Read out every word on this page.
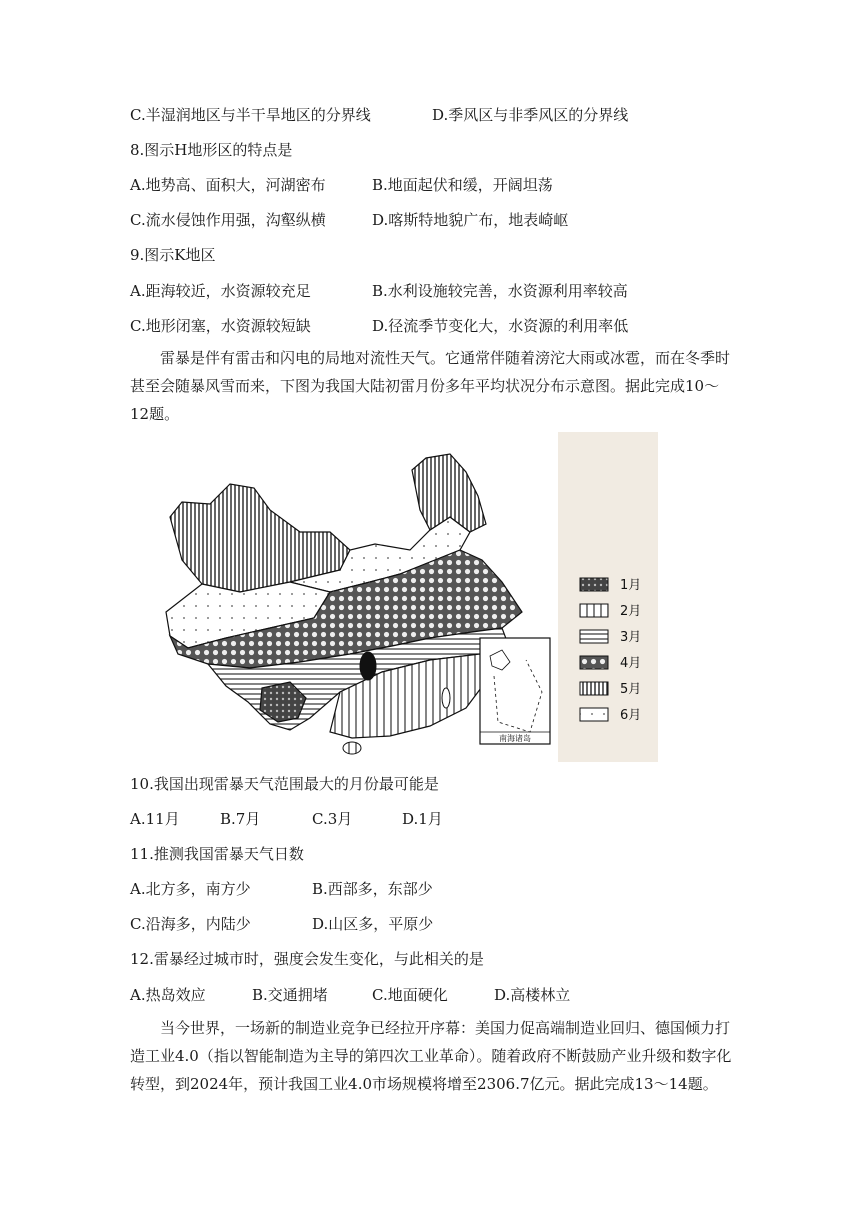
C.半湿润地区与半干旱地区的分界线	D.季风区与非季风区的分界线
8.图示H地形区的特点是
A.地势高、面积大，河湖密布	B.地面起伏和缓，开阔坦荡
C.流水侵蚀作用强，沟壑纵横	D.喀斯特地貌广布，地表崎岖
9.图示K地区
A.距海较近，水资源较充足	B.水利设施较完善，水资源利用率较高
C.地形闭塞，水资源较短缺	D.径流季节变化大，水资源的利用率低
雷暴是伴有雷击和闪电的局地对流性天气。它通常伴随着滂沱大雨或冰雹，而在冬季时甚至会随暴风雪而来，下图为我国大陆初雷月份多年平均状况分布示意图。据此完成10～12题。
南海诸岛
1月
2月
3月
4月
5月
6月
10.我国出现雷暴天气范围最大的月份最可能是
A.11月	B.7月	C.3月	D.1月
11.推测我国雷暴天气日数
A.北方多，南方少	B.西部多，东部少
C.沿海多，内陆少	D.山区多，平原少
12.雷暴经过城市时，强度会发生变化，与此相关的是
A.热岛效应	B.交通拥堵	C.地面硬化	D.高楼林立
当今世界，一场新的制造业竞争已经拉开序幕：美国力促高端制造业回归、德国倾力打造工业4.0（指以智能制造为主导的第四次工业革命）。随着政府不断鼓励产业升级和数字化转型，到2024年，预计我国工业4.0市场规模将增至2306.7亿元。据此完成13～14题。
